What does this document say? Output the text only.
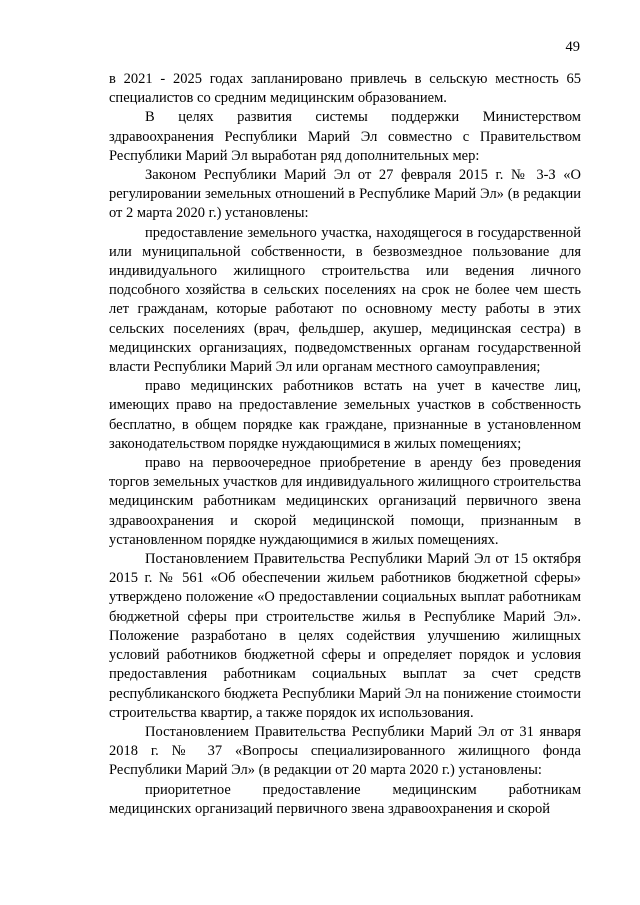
49

в 2021 - 2025 годах запланировано привлечь в сельскую местность 65 специалистов со средним медицинским образованием.

В целях развития системы поддержки Министерством здравоохранения Республики Марий Эл совместно с Правительством Республики Марий Эл выработан ряд дополнительных мер:

Законом Республики Марий Эл от 27 февраля 2015 г. № 3-З «О регулировании земельных отношений в Республике Марий Эл» (в редакции от 2 марта 2020 г.) установлены:

предоставление земельного участка, находящегося в государственной или муниципальной собственности, в безвозмездное пользование для индивидуального жилищного строительства или ведения личного подсобного хозяйства в сельских поселениях на срок не более чем шесть лет гражданам, которые работают по основному месту работы в этих сельских поселениях (врач, фельдшер, акушер, медицинская сестра) в медицинских организациях, подведомственных органам государственной власти Республики Марий Эл или органам местного самоуправления;

право медицинских работников встать на учет в качестве лиц, имеющих право на предоставление земельных участков в собственность бесплатно, в общем порядке как граждане, признанные в установленном законодательством порядке нуждающимися в жилых помещениях;

право на первоочередное приобретение в аренду без проведения торгов земельных участков для индивидуального жилищного строительства медицинским работникам медицинских организаций первичного звена здравоохранения и скорой медицинской помощи, признанным в установленном порядке нуждающимися в жилых помещениях.

Постановлением Правительства Республики Марий Эл от 15 октября 2015 г. № 561 «Об обеспечении жильем работников бюджетной сферы» утверждено положение «О предоставлении социальных выплат работникам бюджетной сферы при строительстве жилья в Республике Марий Эл». Положение разработано в целях содействия улучшению жилищных условий работников бюджетной сферы и определяет порядок и условия предоставления работникам социальных выплат за счет средств республиканского бюджета Республики Марий Эл на понижение стоимости строительства квартир, а также порядок их использования.

Постановлением Правительства Республики Марий Эл от 31 января 2018 г. № 37 «Вопросы специализированного жилищного фонда Республики Марий Эл» (в редакции от 20 марта 2020 г.) установлены:

приоритетное предоставление медицинским работникам медицинских организаций первичного звена здравоохранения и скорой
